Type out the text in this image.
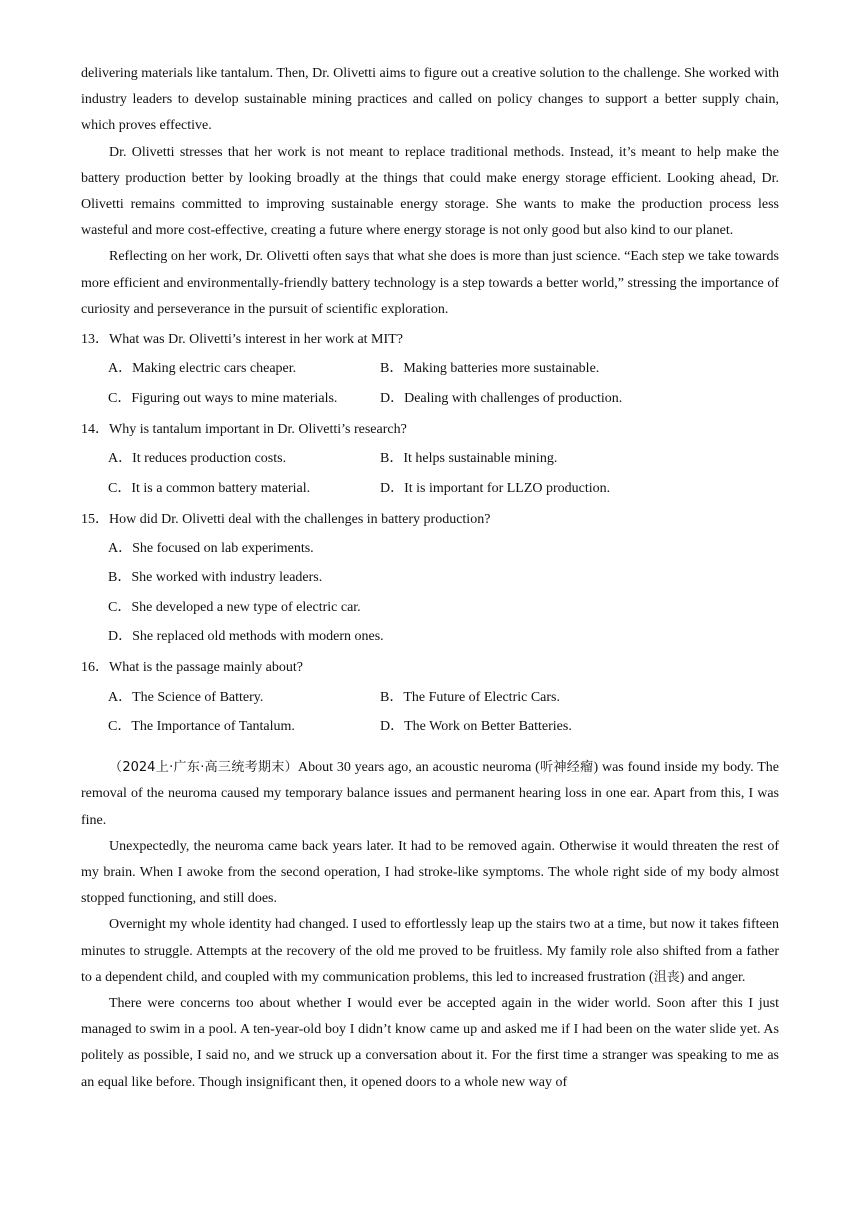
delivering materials like tantalum. Then, Dr. Olivetti aims to figure out a creative solution to the challenge. She worked with industry leaders to develop sustainable mining practices and called on policy changes to support a better supply chain, which proves effective.

Dr. Olivetti stresses that her work is not meant to replace traditional methods. Instead, it’s meant to help make the battery production better by looking broadly at the things that could make energy storage efficient. Looking ahead, Dr. Olivetti remains committed to improving sustainable energy storage. She wants to make the production process less wasteful and more cost-effective, creating a future where energy storage is not only good but also kind to our planet.

Reflecting on her work, Dr. Olivetti often says that what she does is more than just science. “Each step we take towards more efficient and environmentally-friendly battery technology is a step towards a better world,” stressing the importance of curiosity and perseverance in the pursuit of scientific exploration.

13．What was Dr. Olivetti’s interest in her work at MIT?

A．Making electric cars cheaper.	B．Making batteries more sustainable.
C．Figuring out ways to mine materials.	D．Dealing with challenges of production.

14．Why is tantalum important in Dr. Olivetti’s research?

A．It reduces production costs.	B．It helps sustainable mining.
C．It is a common battery material.	D．It is important for LLZO production.

15．How did Dr. Olivetti deal with the challenges in battery production?

A．She focused on lab experiments.
B．She worked with industry leaders.
C．She developed a new type of electric car.
D．She replaced old methods with modern ones.

16．What is the passage mainly about?

A．The Science of Battery.	B．The Future of Electric Cars.
C．The Importance of Tantalum.	D．The Work on Better Batteries.

（2024上·广东·高三统考期末）About 30 years ago, an acoustic neuroma (听神经瘤) was found inside my body. The removal of the neuroma caused my temporary balance issues and permanent hearing loss in one ear. Apart from this, I was fine.

Unexpectedly, the neuroma came back years later. It had to be removed again. Otherwise it would threaten the rest of my brain. When I awoke from the second operation, I had stroke-like symptoms. The whole right side of my body almost stopped functioning, and still does.

Overnight my whole identity had changed. I used to effortlessly leap up the stairs two at a time, but now it takes fifteen minutes to struggle. Attempts at the recovery of the old me proved to be fruitless. My family role also shifted from a father to a dependent child, and coupled with my communication problems, this led to increased frustration (沮丧) and anger.

There were concerns too about whether I would ever be accepted again in the wider world. Soon after this I just managed to swim in a pool. A ten-year-old boy I didn’t know came up and asked me if I had been on the water slide yet. As politely as possible, I said no, and we struck up a conversation about it. For the first time a stranger was speaking to me as an equal like before. Though insignificant then, it opened doors to a whole new way of
